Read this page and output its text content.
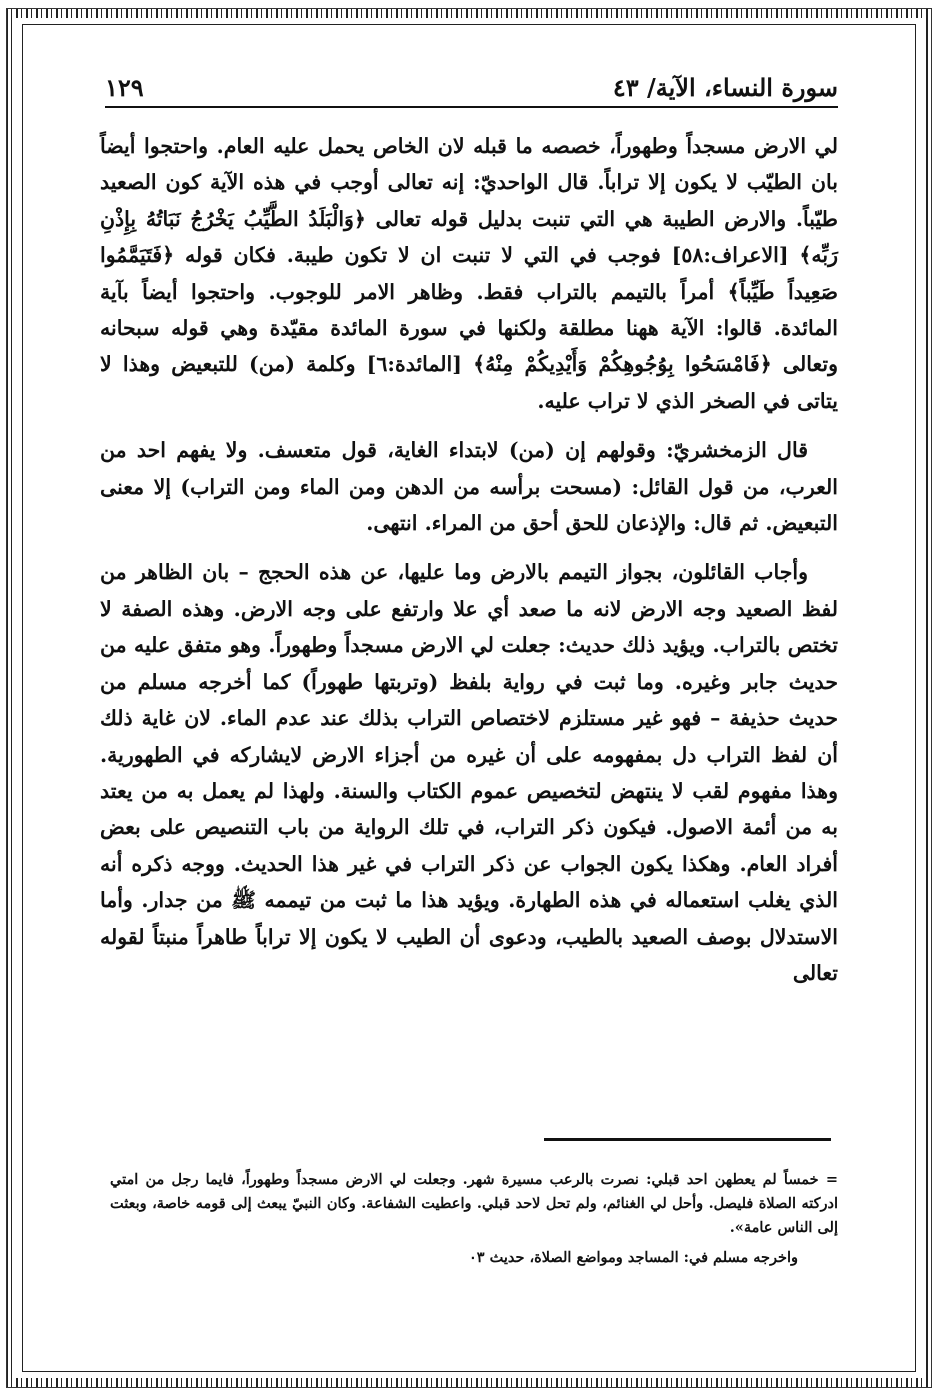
١٢٩	سورة النساء، الآية/ ٤٣

لي الارض مسجداً وطهوراً، خصصه ما قبله لان الخاص يحمل عليه العام. واحتجوا أيضاً بان الطيّب لا يكون إلا تراباً. قال الواحديّ: إنه تعالى أوجب في هذه الآية كون الصعيد طيّباً. والارض الطيبة هي التي تنبت بدليل قوله تعالى ﴿وَالْبَلَدُ الطَّيِّبُ يَخْرُجُ نَبَاتُهُ بِإِذْنِ رَبِّه﴾ [الاعراف:٥٨] فوجب في التي لا تنبت ان لا تكون طيبة. فكان قوله ﴿فَتَيَمَّمُوا صَعِيداً طَيِّباً﴾ أمراً بالتيمم بالتراب فقط. وظاهر الامر للوجوب. واحتجوا أيضاً بآية المائدة. قالوا: الآية ههنا مطلقة ولكنها في سورة المائدة مقيّدة وهي قوله سبحانه وتعالى ﴿فَامْسَحُوا بِوُجُوهِكُمْ وَأَيْدِيكُمْ مِنْهُ﴾ [المائدة:٦] وكلمة (من) للتبعيض وهذا لا يتاتى في الصخر الذي لا تراب عليه.

قال الزمخشريّ: وقولهم إن (من) لابتداء الغاية، قول متعسف. ولا يفهم احد من العرب، من قول القائل: (مسحت برأسه من الدهن ومن الماء ومن التراب) إلا معنى التبعيض. ثم قال: والإذعان للحق أحق من المراء. انتهى.

وأجاب القائلون، بجواز التيمم بالارض وما عليها، عن هذه الحجج – بان الظاهر من لفظ الصعيد وجه الارض لانه ما صعد أي علا وارتفع على وجه الارض. وهذه الصفة لا تختص بالتراب. ويؤيد ذلك حديث: جعلت لي الارض مسجداً وطهوراً. وهو متفق عليه من حديث جابر وغيره. وما ثبت في رواية بلفظ (وتربتها طهوراً) كما أخرجه مسلم من حديث حذيفة – فهو غير مستلزم لاختصاص التراب بذلك عند عدم الماء. لان غاية ذلك أن لفظ التراب دل بمفهومه على أن غيره من أجزاء الارض لايشاركه في الطهورية. وهذا مفهوم لقب لا ينتهض لتخصيص عموم الكتاب والسنة. ولهذا لم يعمل به من يعتد به من أئمة الاصول. فيكون ذكر التراب، في تلك الرواية من باب التنصيص على بعض أفراد العام. وهكذا يكون الجواب عن ذكر التراب في غير هذا الحديث. ووجه ذكره أنه الذي يغلب استعماله في هذه الطهارة. ويؤيد هذا ما ثبت من تيممه ﷺ من جدار. وأما الاستدلال بوصف الصعيد بالطيب، ودعوى أن الطيب لا يكون إلا تراباً طاهراً منبتاً لقوله تعالى

= خمساً لم يعطهن احد قبلي: نصرت بالرعب مسيرة شهر. وجعلت لي الارض مسجداً وطهوراً، فايما رجل من امتي ادركته الصلاة فليصل. وأحل لي الغنائم، ولم تحل لاحد قبلي. واعطيت الشفاعة. وكان النبيّ يبعث إلى قومه خاصة، وبعثت إلى الناس عامة».

واخرجه مسلم في: المساجد ومواضع الصلاة، حديث ٠٣
